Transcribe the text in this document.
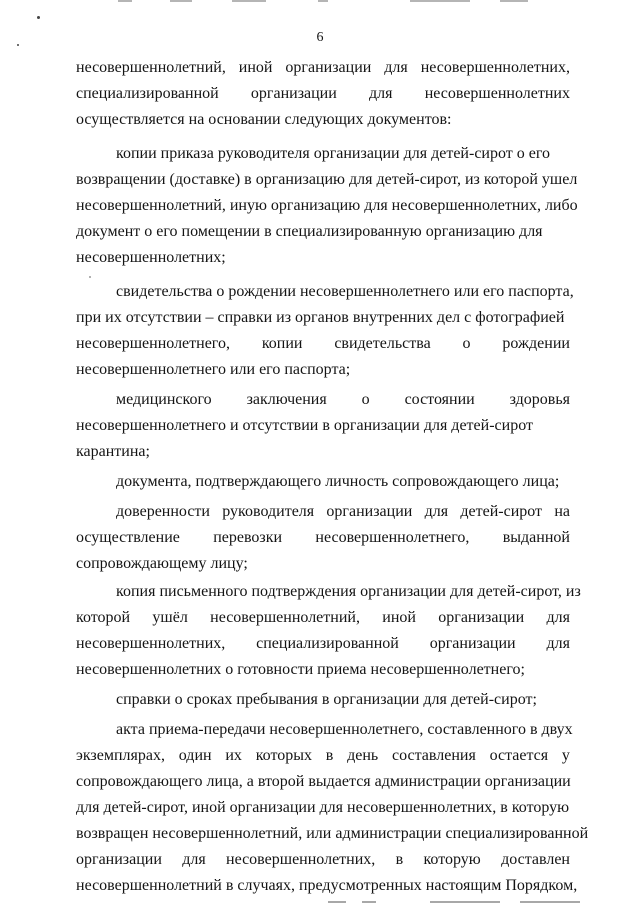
6
несовершеннолетний, иной организации для несовершеннолетних,
специализированной организации для несовершеннолетних
осуществляется на основании следующих документов:
копии приказа руководителя организации для детей-сирот о его
возвращении (доставке) в организацию для детей-сирот, из которой ушел
несовершеннолетний, иную организацию для несовершеннолетних, либо
документ о его помещении в специализированную организацию для
несовершеннолетних;
свидетельства о рождении несовершеннолетнего или его паспорта,
при их отсутствии – справки из органов внутренних дел с фотографией
несовершеннолетнего, копии свидетельства о рождении
несовершеннолетнего или его паспорта;
медицинского заключения о состоянии здоровья
несовершеннолетнего и отсутствии в организации для детей-сирот
карантина;
документа, подтверждающего личность сопровождающего лица;
доверенности руководителя организации для детей-сирот на
осуществление перевозки несовершеннолетнего, выданной
сопровождающему лицу;
копия письменного подтверждения организации для детей-сирот, из
которой ушёл несовершеннолетний, иной организации для
несовершеннолетних, специализированной организации для
несовершеннолетних о готовности приема несовершеннолетнего;
справки о сроках пребывания в организации для детей-сирот;
акта приема-передачи несовершеннолетнего, составленного в двух
экземплярах, один их которых в день составления остается у
сопровождающего лица, а второй выдается администрации организации
для детей-сирот, иной организации для несовершеннолетних, в которую
возвращен несовершеннолетний, или администрации специализированной
организации для несовершеннолетних, в которую доставлен
несовершеннолетний в случаях, предусмотренных настоящим Порядком,
